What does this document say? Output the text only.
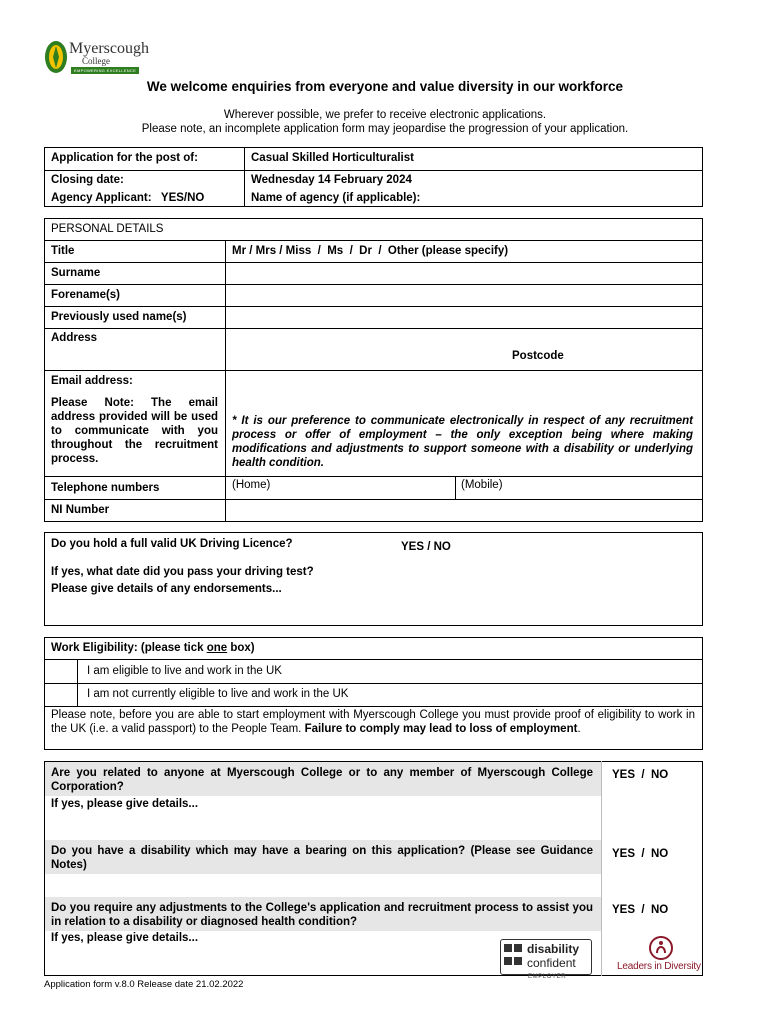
Myerscough
College
EMPOWERING EXCELLENCE
We welcome enquiries from everyone and value diversity in our workforce
Wherever possible, we prefer to receive electronic applications.
Please note, an incomplete application form may jeopardise the progression of your application.
Application for the post of:	Casual Skilled Horticulturalist
Closing date:	Wednesday 14 February 2024
Agency Applicant:   YES/NO	Name of agency (if applicable):
PERSONAL DETAILS
Title	Mr / Mrs / Miss  /  Ms  /  Dr  /  Other (please specify)
Surname
Forename(s)
Previously used name(s)
Address
Postcode
Email address:
Please Note: The email address provided will be used to communicate with you throughout the recruitment process.
* It is our preference to communicate electronically in respect of any recruitment process or offer of employment – the only exception being where making modifications and adjustments to support someone with a disability or underlying health condition.
Telephone numbers	(Home)	(Mobile)
NI Number
Do you hold a full valid UK Driving Licence?	YES / NO
If yes, what date did you pass your driving test?
Please give details of any endorsements...
Work Eligibility: (please tick one box)
I am eligible to live and work in the UK
I am not currently eligible to live and work in the UK
Please note, before you are able to start employment with Myerscough College you must provide proof of eligibility to work in the UK (i.e. a valid passport) to the People Team. Failure to comply may lead to loss of employment.
Are you related to anyone at Myerscough College or to any member of Myerscough College Corporation?
YES  /  NO
If yes, please give details...
Do you have a disability which may have a bearing on this application? (Please see Guidance Notes)
YES  /  NO
Do you require any adjustments to the College's application and recruitment process to assist you in relation to a disability or diagnosed health condition?
YES  /  NO
If yes, please give details...
disability
confident
EMPLOYER
Leaders in Diversity
Application form v.8.0 Release date 21.02.2022
